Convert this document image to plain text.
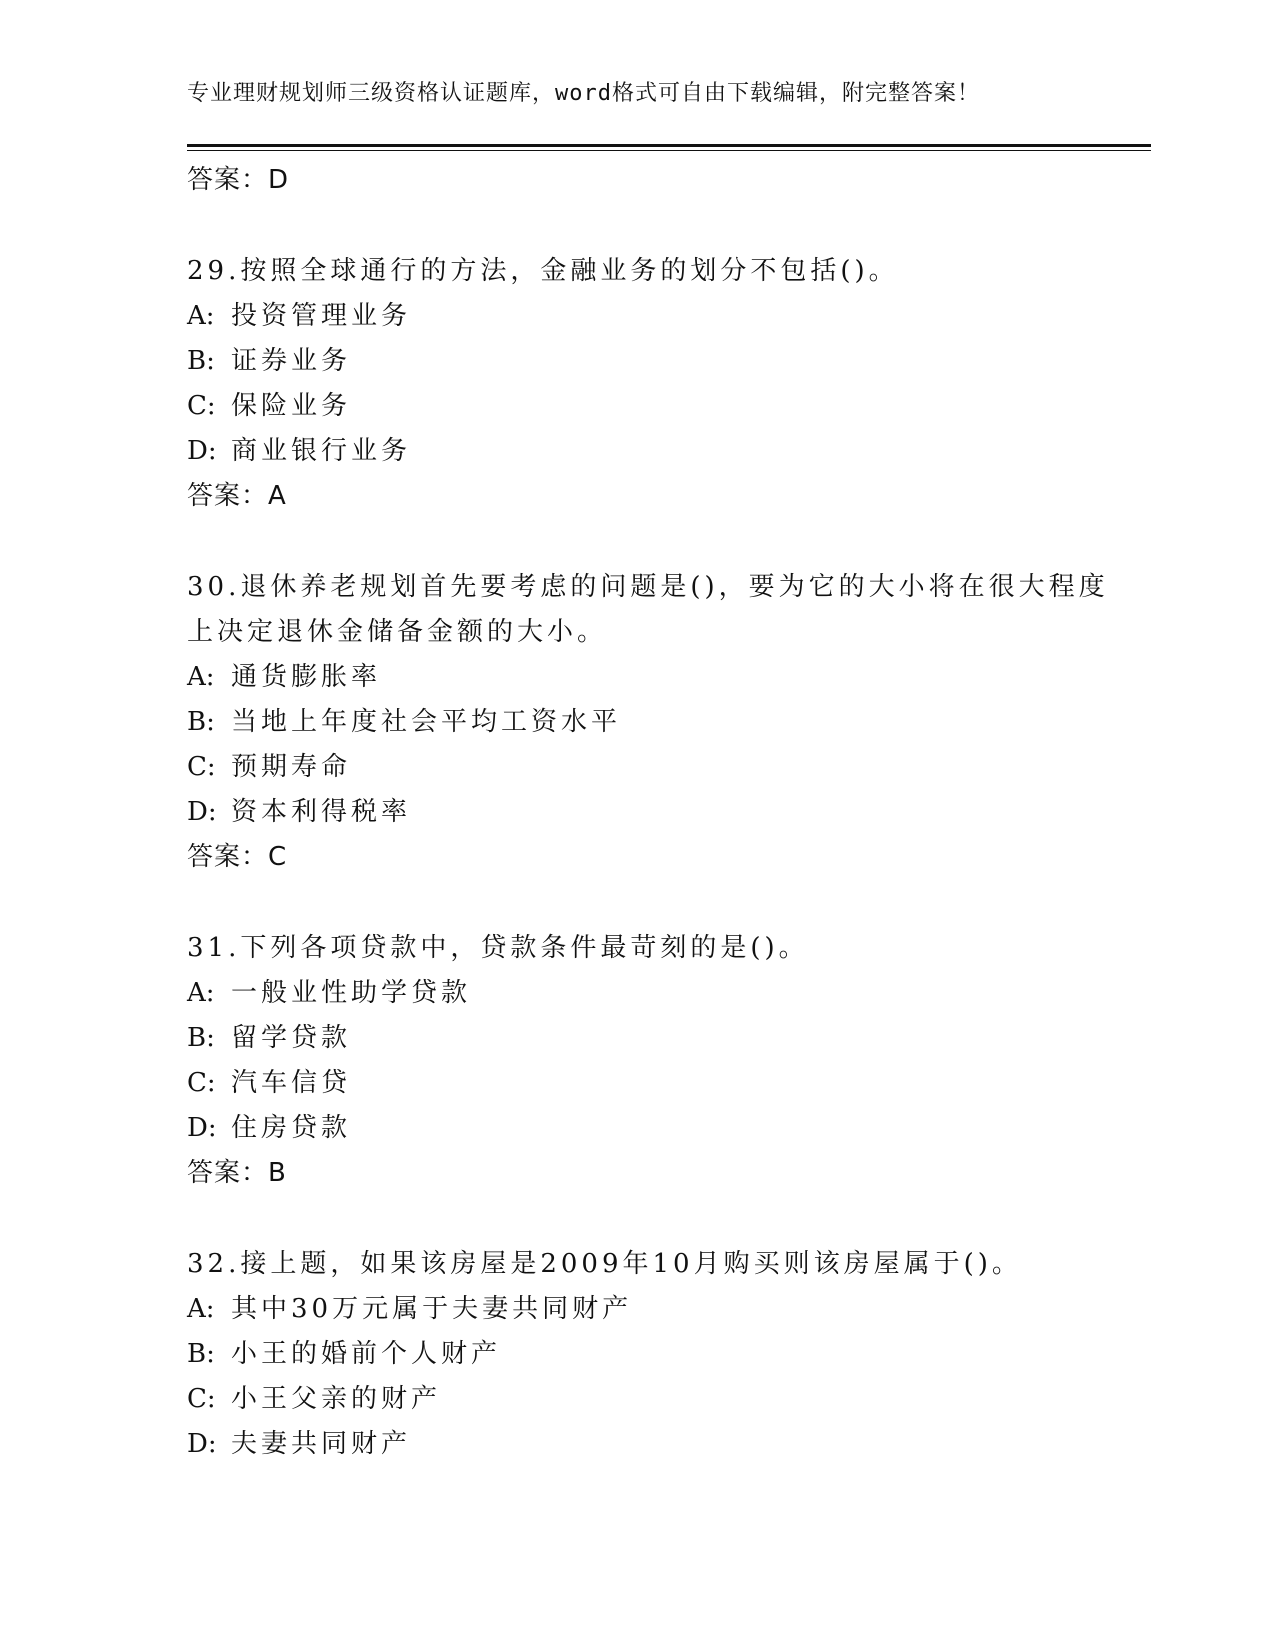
专业理财规划师三级资格认证题库，word格式可自由下载编辑，附完整答案！
答案：D
29.按照全球通行的方法，金融业务的划分不包括()。
A: 投资管理业务
B: 证券业务
C: 保险业务
D: 商业银行业务
答案：A
30.退休养老规划首先要考虑的问题是()，要为它的大小将在很大程度
上决定退休金储备金额的大小。
A: 通货膨胀率
B: 当地上年度社会平均工资水平
C: 预期寿命
D: 资本利得税率
答案：C
31.下列各项贷款中，贷款条件最苛刻的是()。
A: 一般业性助学贷款
B: 留学贷款
C: 汽车信贷
D: 住房贷款
答案：B
32.接上题，如果该房屋是2009年10月购买则该房屋属于()。
A: 其中30万元属于夫妻共同财产
B: 小王的婚前个人财产
C: 小王父亲的财产
D: 夫妻共同财产
